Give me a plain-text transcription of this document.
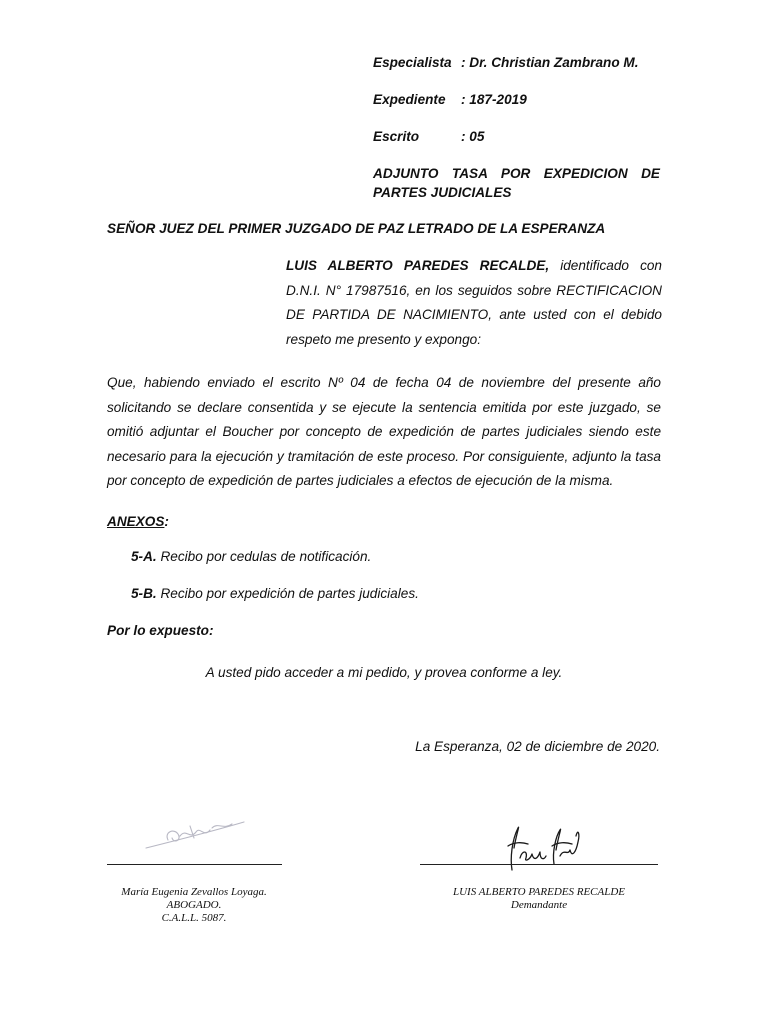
Especialista : Dr. Christian Zambrano M.
Expediente : 187-2019
Escrito	: 05
ADJUNTO TASA POR EXPEDICION DE PARTES JUDICIALES
SEÑOR JUEZ DEL PRIMER JUZGADO DE PAZ LETRADO DE LA ESPERANZA
LUIS ALBERTO PAREDES RECALDE, identificado con D.N.I. N° 17987516, en los seguidos sobre RECTIFICACION DE PARTIDA DE NACIMIENTO, ante usted con el debido respeto me presento y expongo:
Que, habiendo enviado el escrito Nº 04 de fecha 04 de noviembre del presente año solicitando se declare consentida y se ejecute la sentencia emitida por este juzgado, se omitió adjuntar el Boucher por concepto de expedición de partes judiciales siendo este necesario para la ejecución y tramitación de este proceso. Por consiguiente, adjunto la tasa por concepto de expedición de partes judiciales a efectos de ejecución de la misma.
ANEXOS:
5-A. Recibo por cedulas de notificación.
5-B. Recibo por expedición de partes judiciales.
Por lo expuesto:
A usted pido acceder a mi pedido, y provea conforme a ley.
La Esperanza, 02 de diciembre de 2020.
María Eugenia Zevallos Loyaga.
ABOGADO.
C.A.L.L. 5087.
LUIS ALBERTO PAREDES RECALDE
Demandante
